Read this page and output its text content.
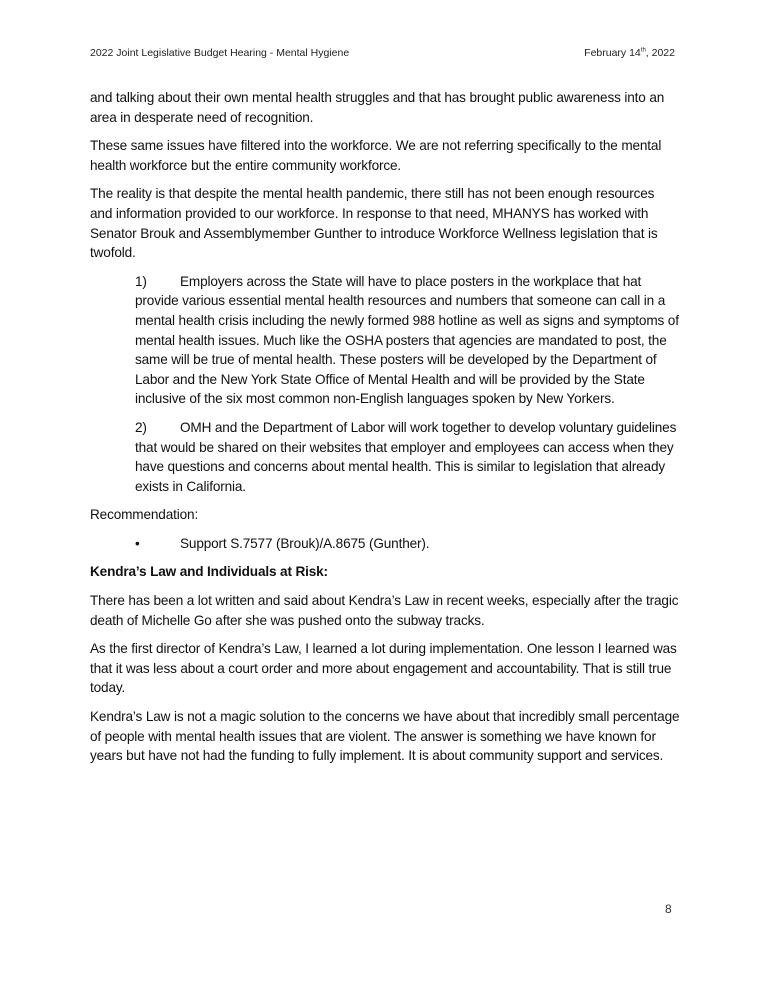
2022 Joint Legislative Budget Hearing - Mental Hygiene	February 14th, 2022

and talking about their own mental health struggles and that has brought public awareness into an area in desperate need of recognition.

These same issues have filtered into the workforce. We are not referring specifically to the mental health workforce but the entire community workforce.

The reality is that despite the mental health pandemic, there still has not been enough resources and information provided to our workforce. In response to that need, MHANYS has worked with Senator Brouk and Assemblymember Gunther to introduce Workforce Wellness legislation that is twofold.

1) Employers across the State will have to place posters in the workplace that hat provide various essential mental health resources and numbers that someone can call in a mental health crisis including the newly formed 988 hotline as well as signs and symptoms of mental health issues. Much like the OSHA posters that agencies are mandated to post, the same will be true of mental health. These posters will be developed by the Department of Labor and the New York State Office of Mental Health and will be provided by the State inclusive of the six most common non-English languages spoken by New Yorkers.

2) OMH and the Department of Labor will work together to develop voluntary guidelines that would be shared on their websites that employer and employees can access when they have questions and concerns about mental health. This is similar to legislation that already exists in California.

Recommendation:

•	Support S.7577 (Brouk)/A.8675 (Gunther).

Kendra’s Law and Individuals at Risk:

There has been a lot written and said about Kendra’s Law in recent weeks, especially after the tragic death of Michelle Go after she was pushed onto the subway tracks.

As the first director of Kendra’s Law, I learned a lot during implementation. One lesson I learned was that it was less about a court order and more about engagement and accountability. That is still true today.

Kendra’s Law is not a magic solution to the concerns we have about that incredibly small percentage of people with mental health issues that are violent. The answer is something we have known for years but have not had the funding to fully implement. It is about community support and services.

8
